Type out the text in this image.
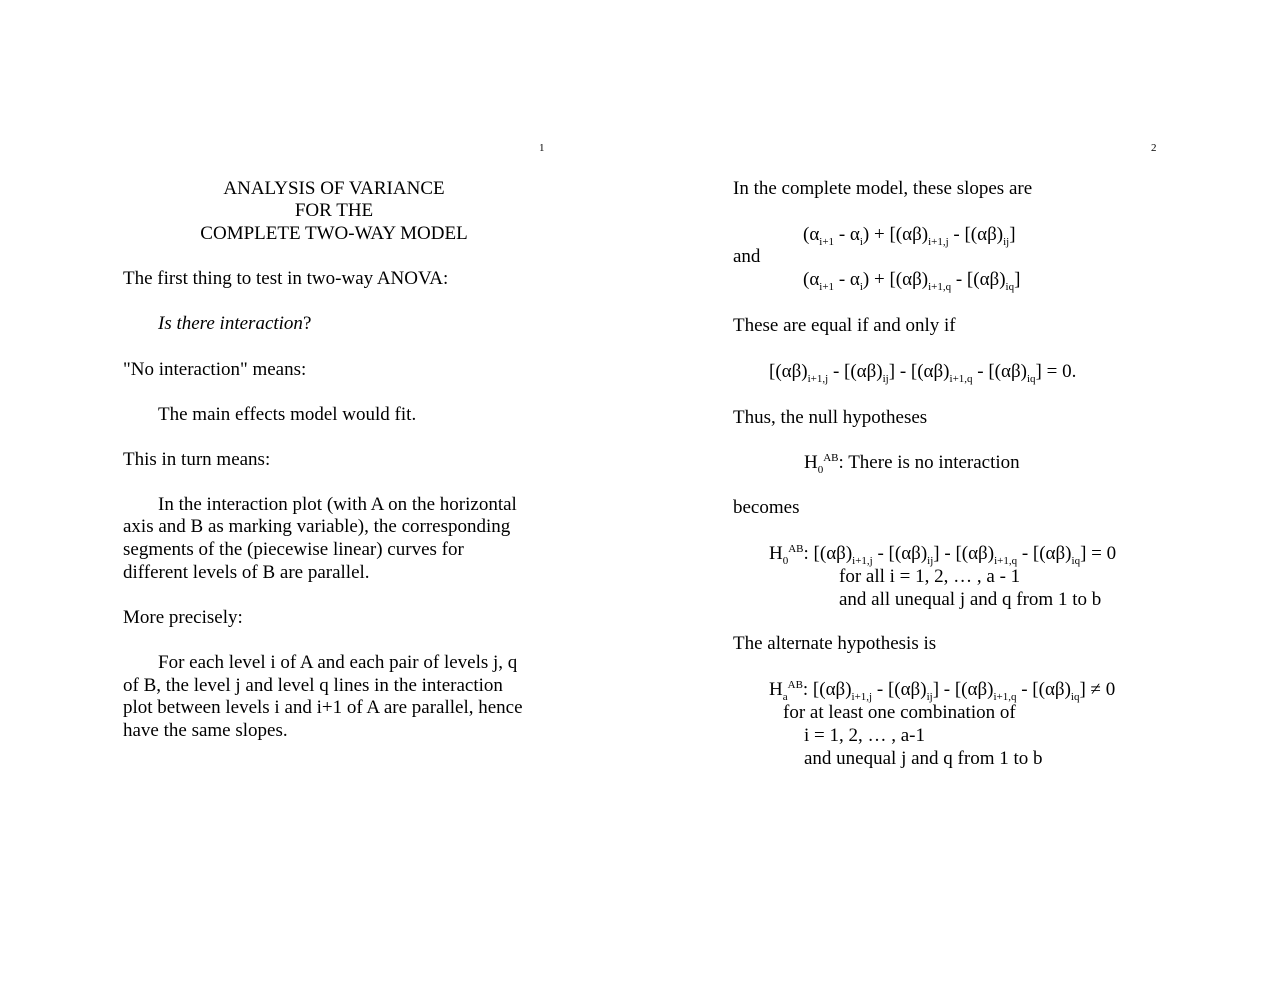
1
ANALYSIS OF VARIANCE
FOR THE
COMPLETE TWO-WAY MODEL
The first thing to test in two-way ANOVA:
Is there interaction?
"No interaction" means:
The main effects model would fit.
This in turn means:
In the interaction plot (with A on the horizontal
axis and B as marking variable), the corresponding
segments of the (piecewise linear) curves for
different levels of B are parallel.
More precisely:
For each level i of A and each pair of levels j, q
of B, the level j and level q lines in the interaction
plot between levels i and i+1 of A are parallel, hence
have the same slopes.
2
In the complete model, these slopes are
$(\alpha_{i+1} - \alpha_i) + [(\alpha\beta)_{i+1,j} - [(\alpha\beta)_{ij}]$
and
$(\alpha_{i+1} - \alpha_i) + [(\alpha\beta)_{i+1,q} - [(\alpha\beta)_{iq}]$
These are equal if and only if
[$(\alpha\beta)_{i+1,j} - [(\alpha\beta)_{ij}] - [(\alpha\beta)_{i+1,q} - [(\alpha\beta)_{iq}] = 0$.
Thus, the null hypotheses
$H_0^{AB}$: There is no interaction
becomes
$H_0^{AB}$: [$(\alpha\beta)_{i+1,j} - [(\alpha\beta)_{ij}] - [(\alpha\beta)_{i+1,q} - [(\alpha\beta)_{iq}] = 0$
for all i = 1, 2, … , a - 1
and all unequal j and q from 1 to b
The alternate hypothesis is
$H_a^{AB}$: [$(\alpha\beta)_{i+1,j} - [(\alpha\beta)_{ij}] - [(\alpha\beta)_{i+1,q} - [(\alpha\beta)_{iq}] \ne 0$
for at least one combination of
i = 1, 2, … , a-1
and unequal j and q from 1 to b
